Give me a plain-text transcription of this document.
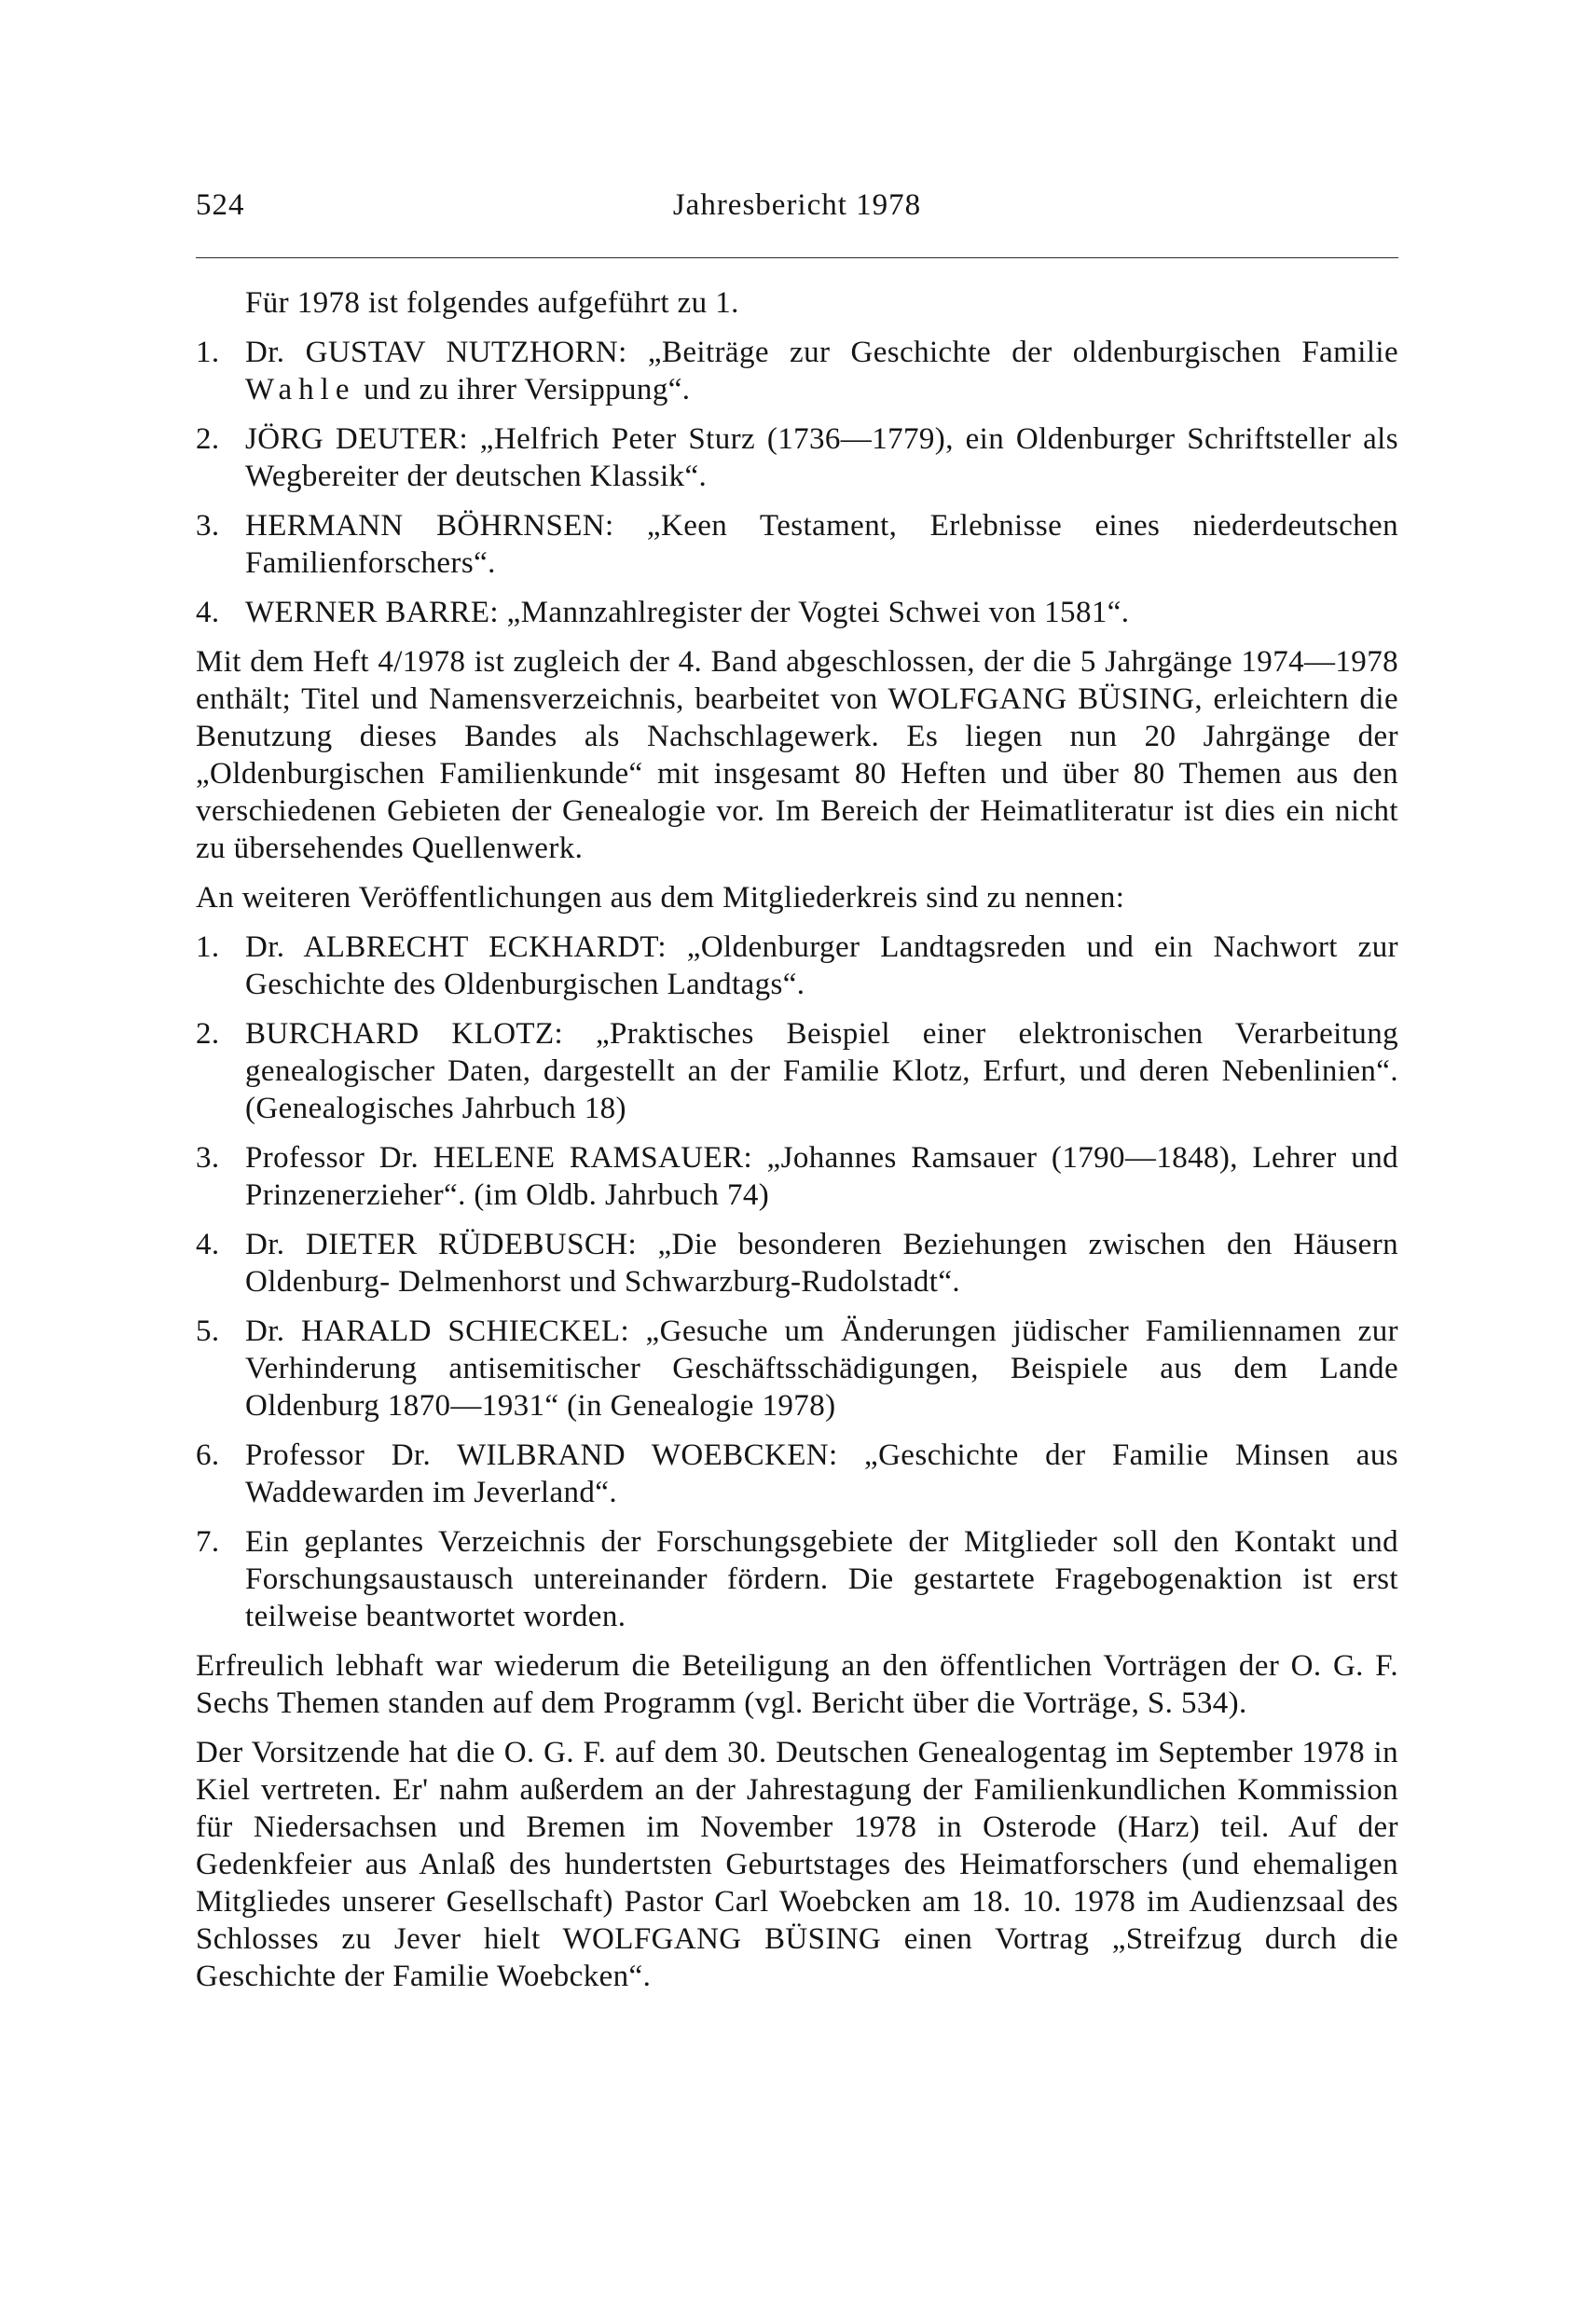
524	Jahresbericht 1978

Für 1978 ist folgendes aufgeführt zu 1.

1. Dr. GUSTAV NUTZHORN: „Beiträge zur Geschichte der oldenburgischen Familie Wahle und zu ihrer Versippung“.
2. JÖRG DEUTER: „Helfrich Peter Sturz (1736—1779), ein Oldenburger Schriftsteller als Wegbereiter der deutschen Klassik“.
3. HERMANN BÖHRNSEN: „Keen Testament, Erlebnisse eines niederdeutschen Familienforschers“.
4. WERNER BARRE: „Mannzahlregister der Vogtei Schwei von 1581“.

Mit dem Heft 4/1978 ist zugleich der 4. Band abgeschlossen, der die 5 Jahrgänge 1974—1978 enthält; Titel und Namensverzeichnis, bearbeitet von WOLFGANG BÜSING, erleichtern die Benutzung dieses Bandes als Nachschlagewerk. Es liegen nun 20 Jahrgänge der „Oldenburgischen Familienkunde“ mit insgesamt 80 Heften und über 80 Themen aus den verschiedenen Gebieten der Genealogie vor. Im Bereich der Heimatliteratur ist dies ein nicht zu übersehendes Quellenwerk.

An weiteren Veröffentlichungen aus dem Mitgliederkreis sind zu nennen:

1. Dr. ALBRECHT ECKHARDT: „Oldenburger Landtagsreden und ein Nachwort zur Geschichte des Oldenburgischen Landtags“.
2. BURCHARD KLOTZ: „Praktisches Beispiel einer elektronischen Verarbeitung genealogischer Daten, dargestellt an der Familie Klotz, Erfurt, und deren Nebenlinien“. (Genealogisches Jahrbuch 18)
3. Professor Dr. HELENE RAMSAUER: „Johannes Ramsauer (1790—1848), Lehrer und Prinzenerzieher“. (im Oldb. Jahrbuch 74)
4. Dr. DIETER RÜDEBUSCH: „Die besonderen Beziehungen zwischen den Häusern Oldenburg- Delmenhorst und Schwarzburg-Rudolstadt“.
5. Dr. HARALD SCHIECKEL: „Gesuche um Änderungen jüdischer Familiennamen zur Verhinderung antisemitischer Geschäftsschädigungen, Beispiele aus dem Lande Oldenburg 1870—1931“ (in Genealogie 1978)
6. Professor Dr. WILBRAND WOEBCKEN: „Geschichte der Familie Minsen aus Waddewarden im Jeverland“.
7. Ein geplantes Verzeichnis der Forschungsgebiete der Mitglieder soll den Kontakt und Forschungsaustausch untereinander fördern. Die gestartete Fragebogenaktion ist erst teilweise beantwortet worden.

Erfreulich lebhaft war wiederum die Beteiligung an den öffentlichen Vorträgen der O. G. F. Sechs Themen standen auf dem Programm (vgl. Bericht über die Vorträge, S. 534).

Der Vorsitzende hat die O. G. F. auf dem 30. Deutschen Genealogentag im September 1978 in Kiel vertreten. Er' nahm außerdem an der Jahrestagung der Familienkundlichen Kommission für Niedersachsen und Bremen im November 1978 in Osterode (Harz) teil. Auf der Gedenkfeier aus Anlaß des hundertsten Geburtstages des Heimatforschers (und ehemaligen Mitgliedes unserer Gesellschaft) Pastor Carl Woebcken am 18. 10. 1978 im Audienzsaal des Schlosses zu Jever hielt WOLFGANG BÜSING einen Vortrag „Streifzug durch die Geschichte der Familie Woebcken“.
